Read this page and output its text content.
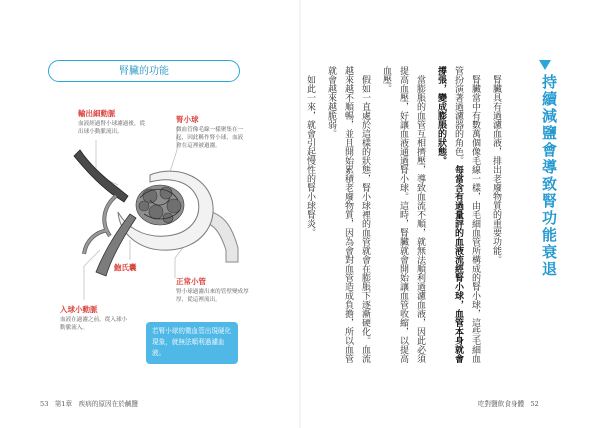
腎臟的功能
輸出細動脈
血液經過腎小球濾過後，從出球小動脈流出。
腎小球
微血管像毛線一樣聚集在一起，因此稱作腎小球，血液會在這裡被過濾。
鮑氏囊
入球小動脈
血液在過濾之前，從入球小動脈流入。
正常小管
腎小球過濾出來的管壁變成厚厚，從這裡流出。
若腎小球的微血管出現硬化現象，就無法順利過濾血液。
53 第1章　疾病的原因在於鹹鹽
持續減鹽會導致腎功能衰退

腎臟具有過濾血液，排出老廢物質的重要功能。

腎臟當中有數萬個像毛線一樣，由毛細血管所構成的腎小球，這些毛細血管扮演著過濾器的角色。每當含有過量評的血液流經腎小球，血管本身就會撐張，變成膨脹的狀態。

當膨脹的血管互相擠壓，導致血流不順，就無法順利過濾血液，因此必須提高血壓，好讓血液通過腎小球。這時，腎臟就會開始讓血管收縮，以提高血壓。

假如一直處於這樣的狀態，腎小球裡的血管就會在膨脹下逐漸硬化。血流越來越不順暢，並且開始累積老廢物質，因為會對血管造成負擔，所以血管就會越來越脆弱。

如此一來，就會引起慢性的腎小球腎炎。

吃對鹽飲食身體 52
